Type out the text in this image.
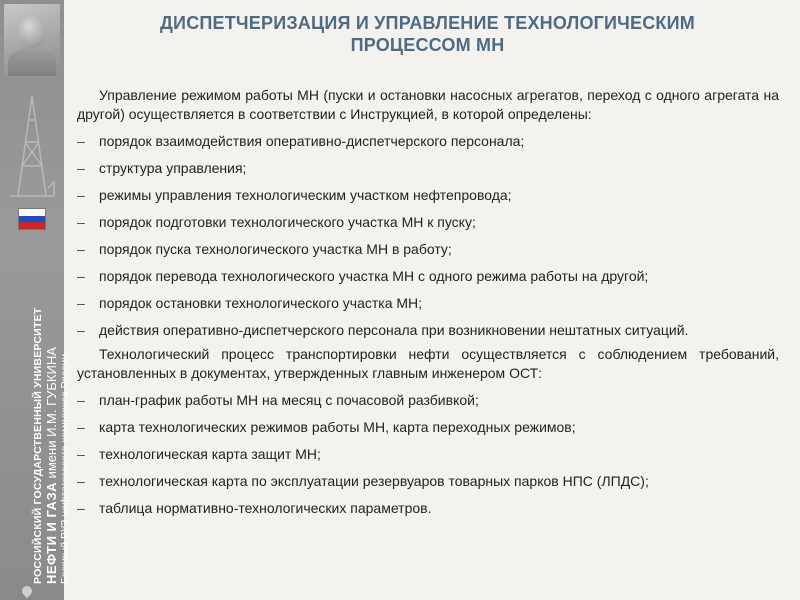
РОССИЙСКИЙ ГОСУДАРСТВЕННЫЙ УНИВЕРСИТЕТ НЕФТИ И ГАЗА имени И.М. ГУБКИНА Базовый ВУЗ нефтегазового комплекса России
ДИСПЕТЧЕРИЗАЦИЯ И УПРАВЛЕНИЕ ТЕХНОЛОГИЧЕСКИМ
ПРОЦЕССОМ МН

Управление режимом работы МН (пуски и остановки насосных агрегатов, переход с одного агрегата на другой) осуществляется в соответствии с Инструкцией, в которой определены:

– порядок взаимодействия оперативно-диспетчерского персонала;
– структура управления;
– режимы управления технологическим участком нефтепровода;
– порядок подготовки технологического участка МН к пуску;
– порядок пуска технологического участка МН в работу;
– порядок перевода технологического участка МН с одного режима работы на другой;
– порядок остановки технологического участка МН;
– действия оперативно-диспетчерского персонала при возникновении нештатных ситуаций.

Технологический процесс транспортировки нефти осуществляется с соблюдением требований, установленных в документах, утвержденных главным инженером ОСТ:

– план-график работы МН на месяц с почасовой разбивкой;
– карта технологических режимов работы МН, карта переходных режимов;
– технологическая карта защит МН;
– технологическая карта по эксплуатации резервуаров товарных парков НПС (ЛПДС);
– таблица нормативно-технологических параметров.
